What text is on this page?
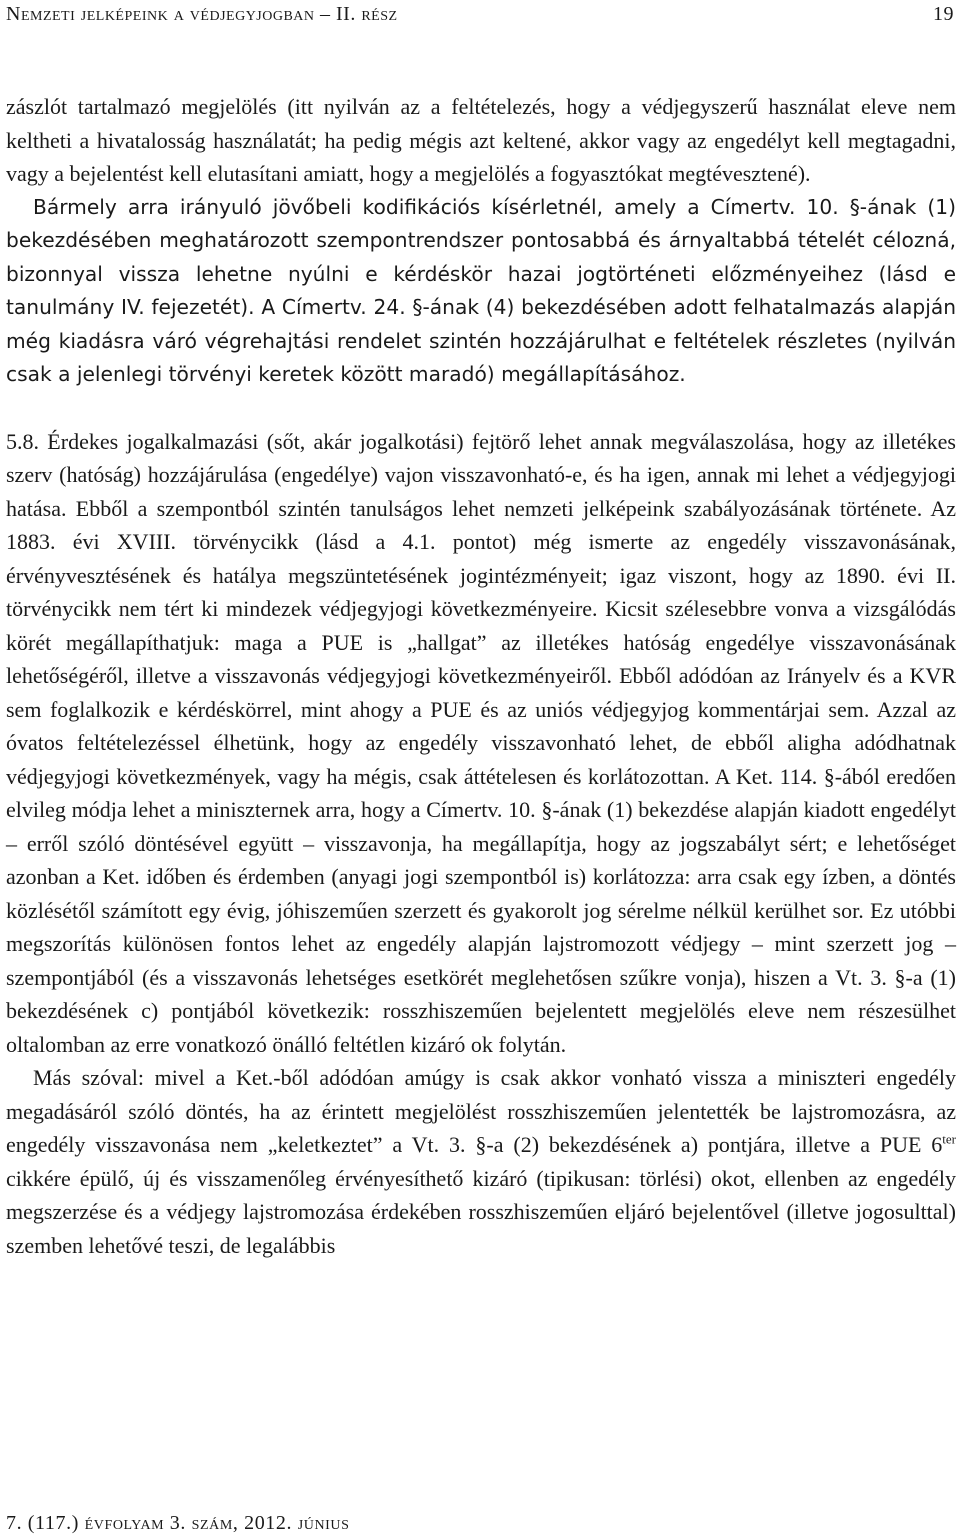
Nemzeti jelképeink a védjegyjogban – II. rész	19

zászlót tartalmazó megjelölés (itt nyilván az a feltételezés, hogy a védjegyszerű használat eleve nem keltheti a hivatalosság használatát; ha pedig mégis azt keltené, akkor vagy az engedélyt kell megtagadni, vagy a bejelentést kell elutasítani amiatt, hogy a megjelölés a fogyasztókat megtévesztené).

Bármely arra irányuló jövőbeli kodifikációs kísérletnél, amely a Címertv. 10. §-ának (1) bekezdésében meghatározott szempontrendszer pontosabbá és árnyaltabbá tételét célozná, bizonnyal vissza lehetne nyúlni e kérdéskör hazai jogtörténeti előzményeihez (lásd e tanulmány IV. fejezetét). A Címertv. 24. §-ának (4) bekezdésében adott felhatalmazás alapján még kiadásra váró végrehajtási rendelet szintén hozzájárulhat e feltételek részletes (nyilván csak a jelenlegi törvényi keretek között maradó) megállapításához.

5.8. Érdekes jogalkalmazási (sőt, akár jogalkotási) fejtörő lehet annak megválaszolása, hogy az illetékes szerv (hatóság) hozzájárulása (engedélye) vajon visszavonható-e, és ha igen, annak mi lehet a védjegyjogi hatása. Ebből a szempontból szintén tanulságos lehet nemzeti jelképeink szabályozásának története. Az 1883. évi XVIII. törvénycikk (lásd a 4.1. pontot) még ismerte az engedély visszavonásának, érvényvesztésének és hatálya megszüntetésének jogintézményeit; igaz viszont, hogy az 1890. évi II. törvénycikk nem tért ki mindezek védjegyjogi következményeire. Kicsit szélesebbre vonva a vizsgálódás körét megállapíthatjuk: maga a PUE is „hallgat” az illetékes hatóság engedélye visszavonásának lehetőségéről, illetve a visszavonás védjegyjogi következményeiről. Ebből adódóan az Irányelv és a KVR sem foglalkozik e kérdéskörrel, mint ahogy a PUE és az uniós védjegyjog kommentárjai sem. Azzal az óvatos feltételezéssel élhetünk, hogy az engedély visszavonható lehet, de ebből aligha adódhatnak védjegyjogi következmények, vagy ha mégis, csak áttételesen és korlátozottan. A Ket. 114. §-ából eredően elvileg módja lehet a miniszternek arra, hogy a Címertv. 10. §-ának (1) bekezdése alapján kiadott engedélyt – erről szóló döntésével együtt – visszavonja, ha megállapítja, hogy az jogszabályt sért; e lehetőséget azonban a Ket. időben és érdemben (anyagi jogi szempontból is) korlátozza: arra csak egy ízben, a döntés közlésétől számított egy évig, jóhiszeműen szerzett és gyakorolt jog sérelme nélkül kerülhet sor. Ez utóbbi megszorítás különösen fontos lehet az engedély alapján lajstromozott védjegy – mint szerzett jog – szempontjából (és a visszavonás lehetséges esetkörét meglehetősen szűkre vonja), hiszen a Vt. 3. §-a (1) bekezdésének c) pontjából következik: rosszhiszeműen bejelentett megjelölés eleve nem részesülhet oltalomban az erre vonatkozó önálló feltétlen kizáró ok folytán.

Más szóval: mivel a Ket.-ből adódóan amúgy is csak akkor vonható vissza a miniszteri engedély megadásáról szóló döntés, ha az érintett megjelölést rosszhiszeműen jelentették be lajstromozásra, az engedély visszavonása nem „keletkeztet” a Vt. 3. §-a (2) bekezdésének a) pontjára, illetve a PUE $6^{ter}$ cikkére épülő, új és visszamenőleg érvényesíthető kizáró (tipikusan: törlési) okot, ellenben az engedély megszerzése és a védjegy lajstromozása érdekében rosszhiszeműen eljáró bejelentővel (illetve jogosulttal) szemben lehetővé teszi, de legalábbis

7. (117.) évfolyam 3. szám, 2012. június
